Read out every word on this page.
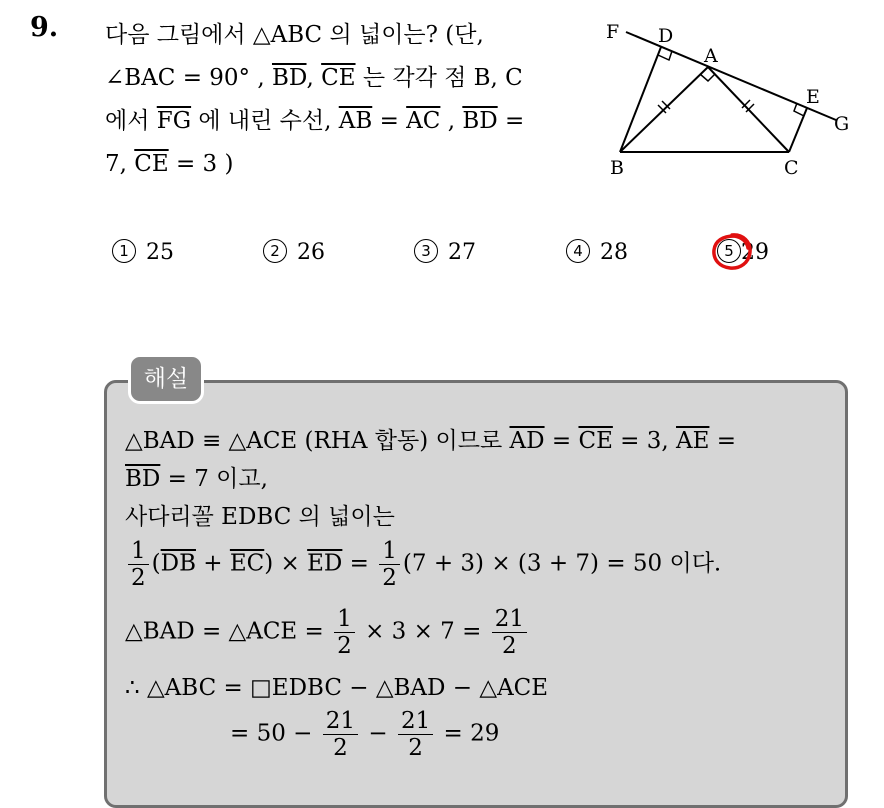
9. 다음 그림에서 △ABC 의 넓이는? (단,
∠BAC = 90° , $\overline{BD}$, $\overline{CE}$ 는 각각 점 B, C
에서 $\overline{FG}$ 에 내린 수선, $\overline{AB} = \overline{AC}$ , $\overline{BD}$ =
7, $\overline{CE} = 3$ )
F D
A
E
G
B	C
1 25	2 26	3 27	4 28	5 29
해설
△BAD ≡ △ACE (RHA 합동) 이므로 $\overline{AD} = \overline{CE} = 3$, $\overline{AE}$ =
$\overline{BD} = 7$ 이고,
사다리꼴 EDBC 의 넓이는
$\frac{1}{2} (\overline{DB} + \overline{EC}) \times \overline{ED} = \frac{1}{2} (7 + 3) \times (3 + 7) = 50$ 이다.
△BAD = △ACE = $\frac{1}{2} \times 3 \times 7 = \frac{21}{2}$
∴ △ABC = □EDBC − △BAD − △ACE
= $50 - \frac{21}{2} - \frac{21}{2} = 29$
